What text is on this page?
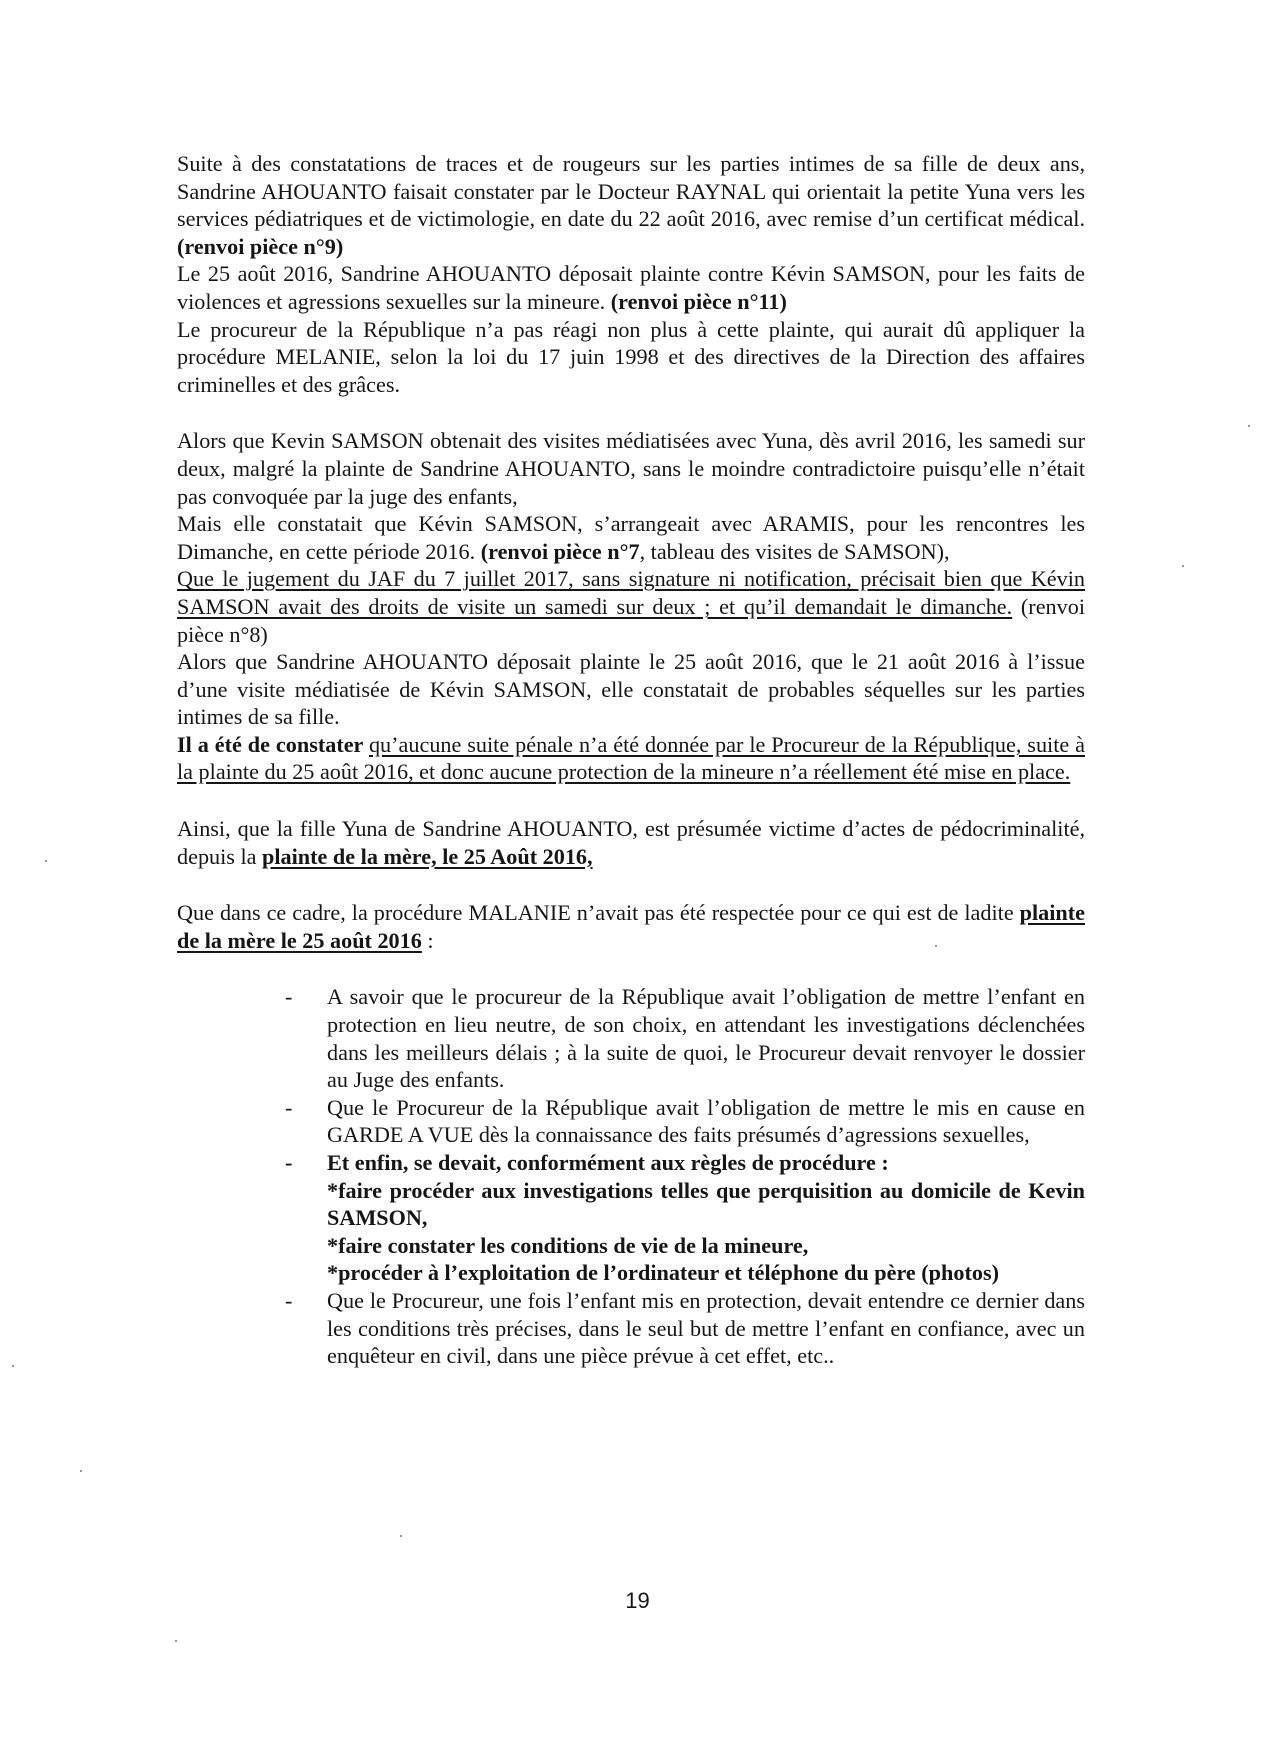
Suite à des constatations de traces et de rougeurs sur les parties intimes de sa fille de deux ans, Sandrine AHOUANTO faisait constater par le Docteur RAYNAL qui orientait la petite Yuna vers les services pédiatriques et de victimologie, en date du 22 août 2016, avec remise d’un certificat médical. (renvoi pièce n°9)

Le 25 août 2016, Sandrine AHOUANTO déposait plainte contre Kévin SAMSON, pour les faits de violences et agressions sexuelles sur la mineure. (renvoi pièce n°11)

Le procureur de la République n’a pas réagi non plus à cette plainte, qui aurait dû appliquer la procédure MELANIE, selon la loi du 17 juin 1998 et des directives de la Direction des affaires criminelles et des grâces.

Alors que Kevin SAMSON obtenait des visites médiatisées avec Yuna, dès avril 2016, les samedi sur deux, malgré la plainte de Sandrine AHOUANTO, sans le moindre contradictoire puisqu’elle n’était pas convoquée par la juge des enfants,

Mais elle constatait que Kévin SAMSON, s’arrangeait avec ARAMIS, pour les rencontres les Dimanche, en cette période 2016. (renvoi pièce n°7, tableau des visites de SAMSON),

Que le jugement du JAF du 7 juillet 2017, sans signature ni notification, précisait bien que Kévin SAMSON avait des droits de visite un samedi sur deux ; et qu’il demandait le dimanche. (renvoi pièce n°8)

Alors que Sandrine AHOUANTO déposait plainte le 25 août 2016, que le 21 août 2016 à l’issue d’une visite médiatisée de Kévin SAMSON, elle constatait de probables séquelles sur les parties intimes de sa fille.

Il a été de constater qu’aucune suite pénale n’a été donnée par le Procureur de la République, suite à la plainte du 25 août 2016, et donc aucune protection de la mineure n’a réellement été mise en place.

Ainsi, que la fille Yuna de Sandrine AHOUANTO, est présumée victime d’actes de pédocriminalité, depuis la plainte de la mère, le 25 Août 2016,

Que dans ce cadre, la procédure MALANIE n’avait pas été respectée pour ce qui est de ladite plainte de la mère le 25 août 2016 :

- A savoir que le procureur de la République avait l’obligation de mettre l’enfant en protection en lieu neutre, de son choix, en attendant les investigations déclenchées dans les meilleurs délais ; à la suite de quoi, le Procureur devait renvoyer le dossier au Juge des enfants.
- Que le Procureur de la République avait l’obligation de mettre le mis en cause en GARDE A VUE dès la connaissance des faits présumés d’agressions sexuelles,
- Et enfin, se devait, conformément aux règles de procédure :
*faire procéder aux investigations telles que perquisition au domicile de Kevin SAMSON,
*faire constater les conditions de vie de la mineure,
*procéder à l’exploitation de l’ordinateur et téléphone du père (photos)
- Que le Procureur, une fois l’enfant mis en protection, devait entendre ce dernier dans les conditions très précises, dans le seul but de mettre l’enfant en confiance, avec un enquêteur en civil, dans une pièce prévue à cet effet, etc..
19
